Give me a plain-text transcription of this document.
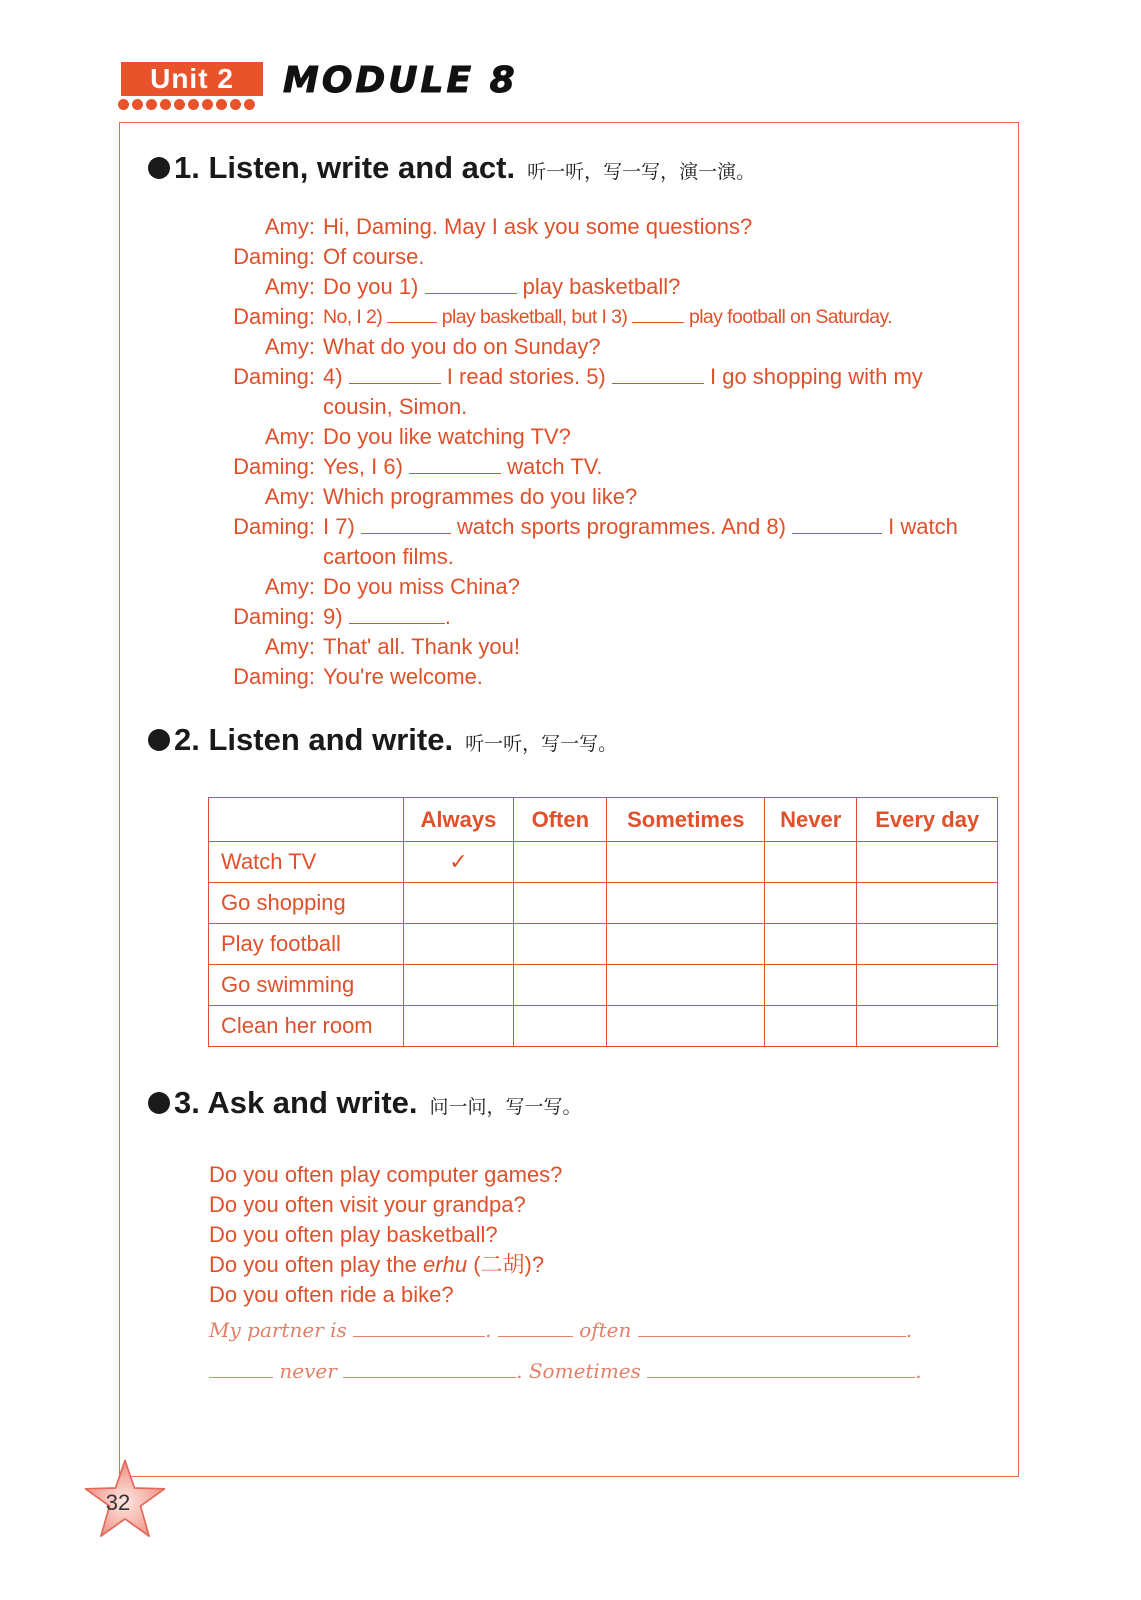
Unit 2	MODULE 8
1. Listen, write and act. 听一听，写一写，演一演。
Amy: Hi, Daming. May I ask you some questions?
Daming: Of course.
Amy: Do you 1)	play basketball?
Daming: No, I 2)	play basketball, but I 3)	play football on Saturday.
Amy: What do you do on Sunday?
Daming: 4)	I read stories. 5)	I go shopping with my
cousin, Simon.
Amy: Do you like watching TV?
Daming: Yes, I 6)	watch TV.
Amy: Which programmes do you like?
Daming: I 7)	watch sports programmes. And 8)	I watch
cartoon films.
Amy: Do you miss China?
Daming: 9)	.
Amy: That' all. Thank you!
Daming: You're welcome.
2. Listen and write. 听一听，写一写。
	Always	Often	Sometimes	Never	Every day
Watch TV	✓				
Go shopping					
Play football					
Go swimming					
Clean her room					
3. Ask and write. 问一问，写一写。
Do you often play computer games?
Do you often visit your grandpa?
Do you often play basketball?
Do you often play the erhu (二胡)?
Do you often ride a bike?
My partner is	.	often	.
never	. Sometimes	.
32
